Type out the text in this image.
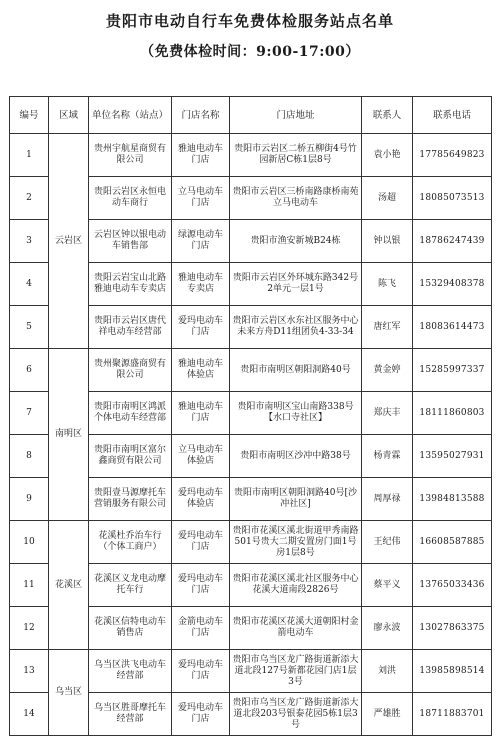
贵阳市电动自行车免费体检服务站点名单
（免费体检时间：9:00-17:00）
编号	区域	单位名称（站点）	门店名称	门店地址	联系人	联系电话
1	云岩区	贵州宇航星商贸有限公司	雅迪电动车门店	贵阳市云岩区二桥五柳街4号竹园新居C栋1层8号	袁小艳	17785649823
2		贵阳云岩区永恒电动车商行	立马电动车门店	贵阳市云岩区三桥南路康桥南苑立马电动车	汤超	18085073513
3		云岩区钟以银电动车销售部	绿源电动车门店	贵阳市渔安新城B24栋	钟以银	18786247439
4		贵阳云岩宝山北路雅迪电动车专卖店	雅迪电动车专卖店	贵阳市云岩区外环城东路342号2单元一层1号	陈飞	15329408378
5		贵阳市云岩区唐代祥电动车经营部	爱玛电动车门店	贵阳市云岩区水东社区服务中心未来方舟D11组团负4-33-34	唐红军	18083614473
6	南明区	贵州聚源盛商贸有限公司	雅迪电动车体验店	贵阳市南明区朝阳洞路40号	黄金婷	15285997337
7		贵阳市南明区鸿派个体电动车经营部	雅迪电动车门店	贵阳市南明区宝山南路338号【水口寺社区】	郑庆丰	18111860803
8		贵阳市南明区富尔鑫商贸有限公司	立马电动车体验店	贵阳市南明区沙冲中路38号	杨青霖	13595027931
9		贵阳壹马源摩托车营销服务有限公司	爱玛电动车体验店	贵阳市南明区朝阳洞路40号[沙冲社区]	周厚禄	13984813588
10	花溪区	花溪杜乔治车行（个体工商户）	爱玛电动车门店	贵阳市花溪区溪北街道甲秀南路501号贵大二期安置房门面1号房1层8号	王纪伟	16608587885
11		花溪区义龙电动摩托车行	爱玛电动车门店	贵阳市花溪区溪北社区服务中心花溪大道南段2826号	蔡平义	13765033436
12		花溪区信特电动车销售店	金箭电动车门店	贵阳市花溪区花溪大道朝阳村金箭电动车	廖永波	13027863375
13	乌当区	乌当区洪飞电动车经营部	爱玛电动车门店	贵阳市乌当区龙广路街道新添大道北段127号新都花园门店1层3号	刘洪	13985898514
14		乌当区胜哥摩托车经营部	爱玛电动车门店	贵阳市乌当区龙广路街道新添大道北段203号银泰花园5栋1层3号	严雄胜	18711883701
